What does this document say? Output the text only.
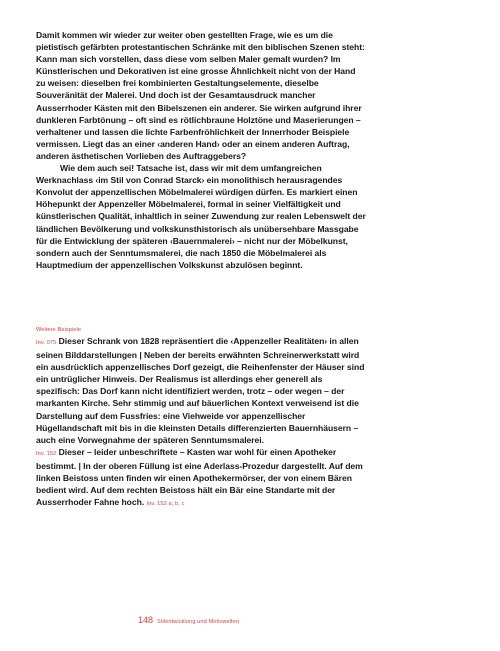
Damit kommen wir wieder zur weiter oben gestellten Frage, wie es um die pietistisch gefärbten protestantischen Schränke mit den biblischen Szenen steht: Kann man sich vorstellen, dass diese vom selben Maler gemalt wurden? Im Künstlerischen und Dekorativen ist eine grosse Ähnlichkeit nicht von der Hand zu weisen: dieselben frei kombinierten Gestaltungselemente, dieselbe Souveränität der Malerei. Und doch ist der Gesamtausdruck mancher Ausserrhoder Kästen mit den Bibelszenen ein anderer. Sie wirken aufgrund ihrer dunkleren Farbtönung – oft sind es rötlichbraune Holztöne und Maserierungen – verhaltener und lassen die lichte Farbenfröhlichkeit der Innerrhoder Beispiele vermissen. Liegt das an einer ‹anderen Hand› oder an einem anderen Auftrag, anderen ästhetischen Vorlieben des Auftraggebers?

Wie dem auch sei! Tatsache ist, dass wir mit dem umfangreichen Werknachlass ‹im Stil von Conrad Starck› ein monolithisch herausragendes Konvolut der appenzellischen Möbelmalerei würdigen dürfen. Es markiert einen Höhepunkt der Appenzeller Möbelmalerei, formal in seiner Vielfältigkeit und künstlerischen Qualität, inhaltlich in seiner Zuwendung zur realen Lebenswelt der ländlichen Bevölkerung und volkskunsthistorisch als unübersehbare Massgabe für die Entwicklung der späteren ‹Bauernmalerei› – nicht nur der Möbelkunst, sondern auch der Senntumsmalerei, die nach 1850 die Möbelmalerei als Hauptmedium der appenzellischen Volkskunst abzulösen beginnt.

Weitere Beispiele

Inv. 075 Dieser Schrank von 1828 repräsentiert die ‹Appenzeller Realitäten› in allen seinen Bilddarstellungen | Neben der bereits erwähnten Schreinerwerkstatt wird ein ausdrücklich appenzellisches Dorf gezeigt, die Reihenfenster der Häuser sind ein untrüglicher Hinweis. Der Realismus ist allerdings eher generell als spezifisch: Das Dorf kann nicht identifiziert werden, trotz – oder wegen – der markanten Kirche. Sehr stimmig und auf bäuerlichen Kontext verweisend ist die Darstellung auf dem Fussfries: eine Viehweide vor appenzellischer Hügellandschaft mit bis in die kleinsten Details differenzierten Bauernhäusern – auch eine Vorwegnahme der späteren Senntumsmalerei.

Inv. 152 Dieser – leider unbeschriftete – Kasten war wohl für einen Apotheker bestimmt. | In der oberen Füllung ist eine Aderlass-Prozedur dargestellt. Auf dem linken Beistoss unten finden wir einen Apothekermörser, der von einem Bären bedient wird. Auf dem rechten Beistoss hält ein Bär eine Standarte mit der Ausserrhoder Fahne hoch. Inv. 152 a, b, c

148 Stilentwicklung und Motivwelten
